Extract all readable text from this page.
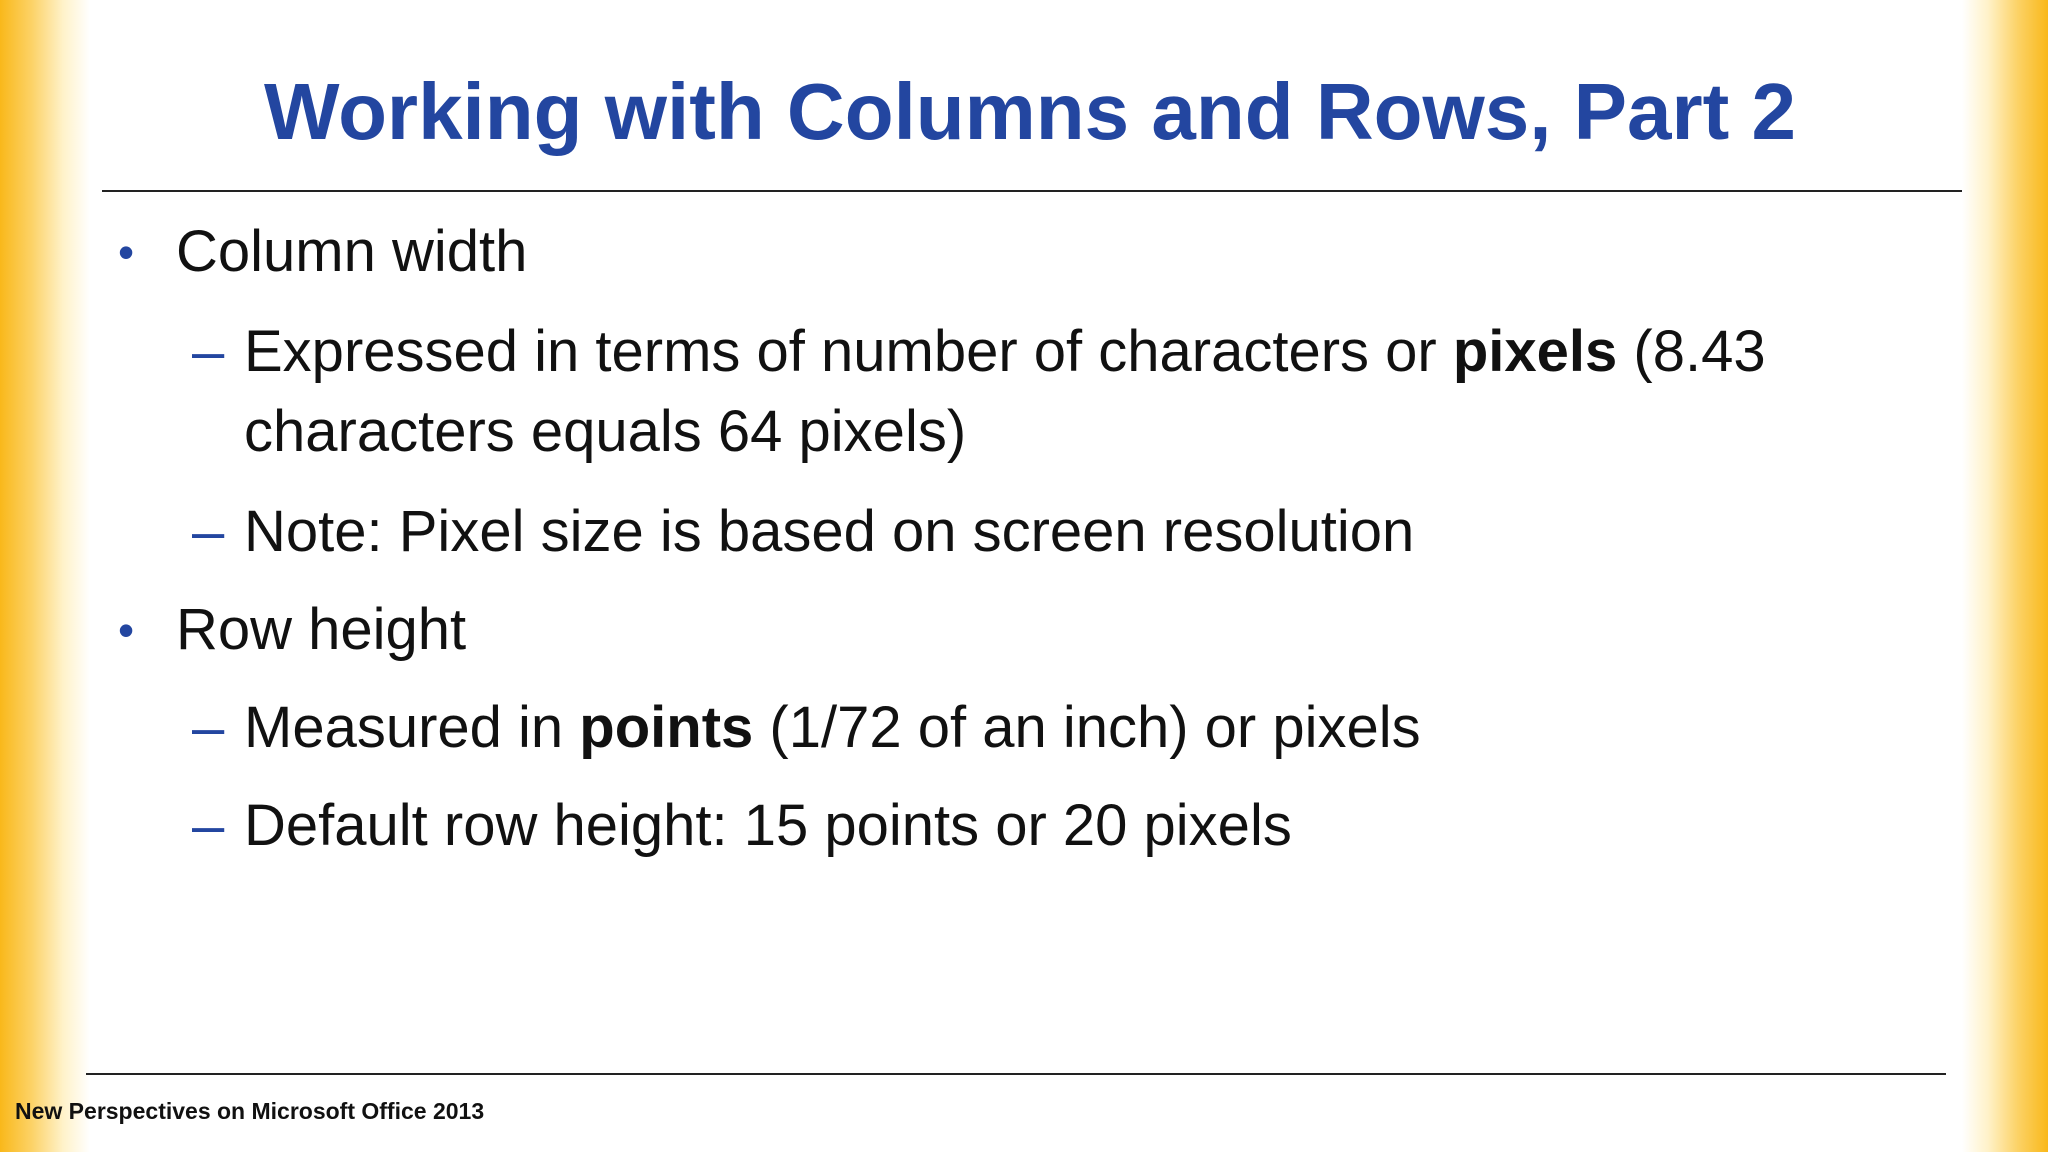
Working with Columns and Rows, Part 2
• Column width
– Expressed in terms of number of characters or pixels (8.43
characters equals 64 pixels)
– Note: Pixel size is based on screen resolution
• Row height
– Measured in points (1/72 of an inch) or pixels
– Default row height: 15 points or 20 pixels
New Perspectives on Microsoft Office 2013
